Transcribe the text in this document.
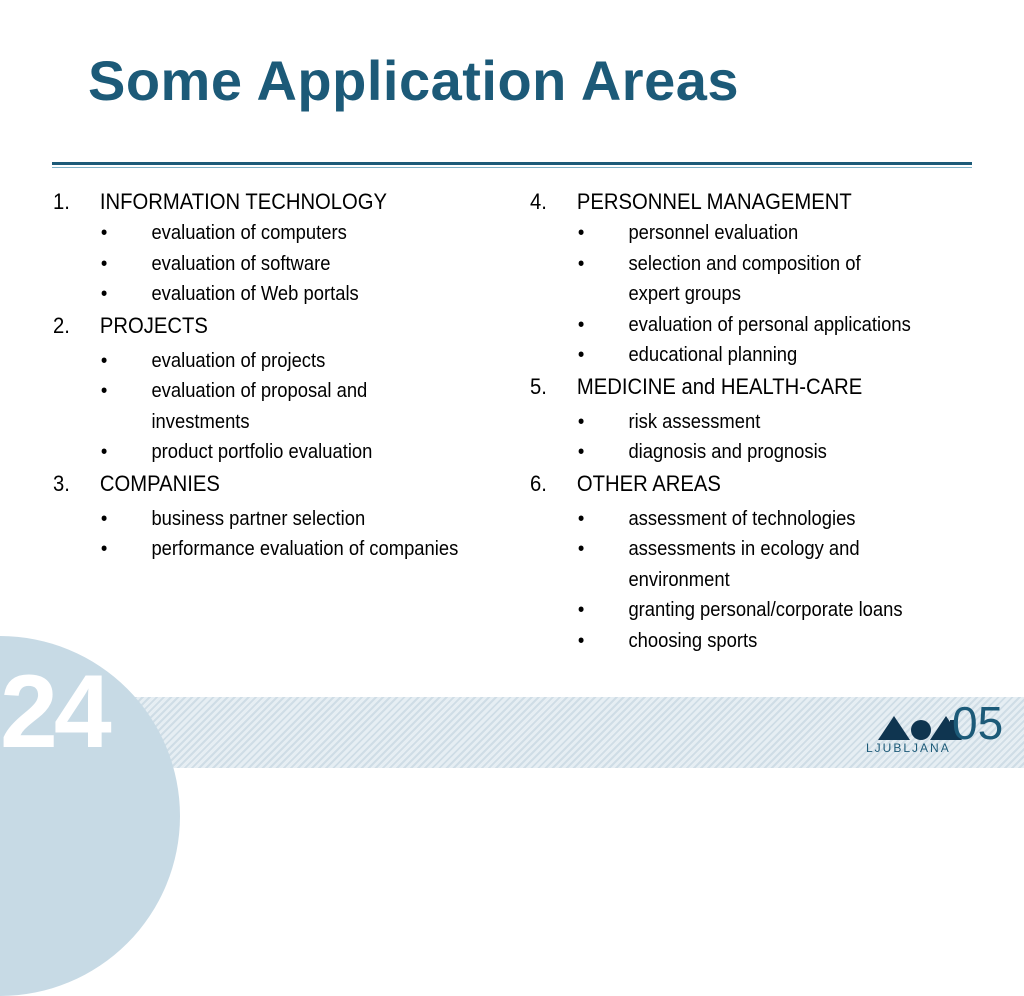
Some Application Areas
1.	INFORMATION TECHNOLOGY
•	evaluation of computers
•	evaluation of software
•	evaluation of Web portals
2.	PROJECTS
•	evaluation of projects
•	evaluation of proposal and
investments
•	product portfolio evaluation
3.	COMPANIES
•	business partner selection
•	performance evaluation of companies
4.	PERSONNEL MANAGEMENT
•	personnel evaluation
•	selection and composition of
expert groups
•	evaluation of personal applications
•	educational planning
5.	MEDICINE and HEALTH-CARE
•	risk assessment
•	diagnosis and prognosis
6.	OTHER AREAS
•	assessment of technologies
•	assessments in ecology and
environment
•	granting personal/corporate loans
•	choosing sports
24	LJUBLJANA 05
